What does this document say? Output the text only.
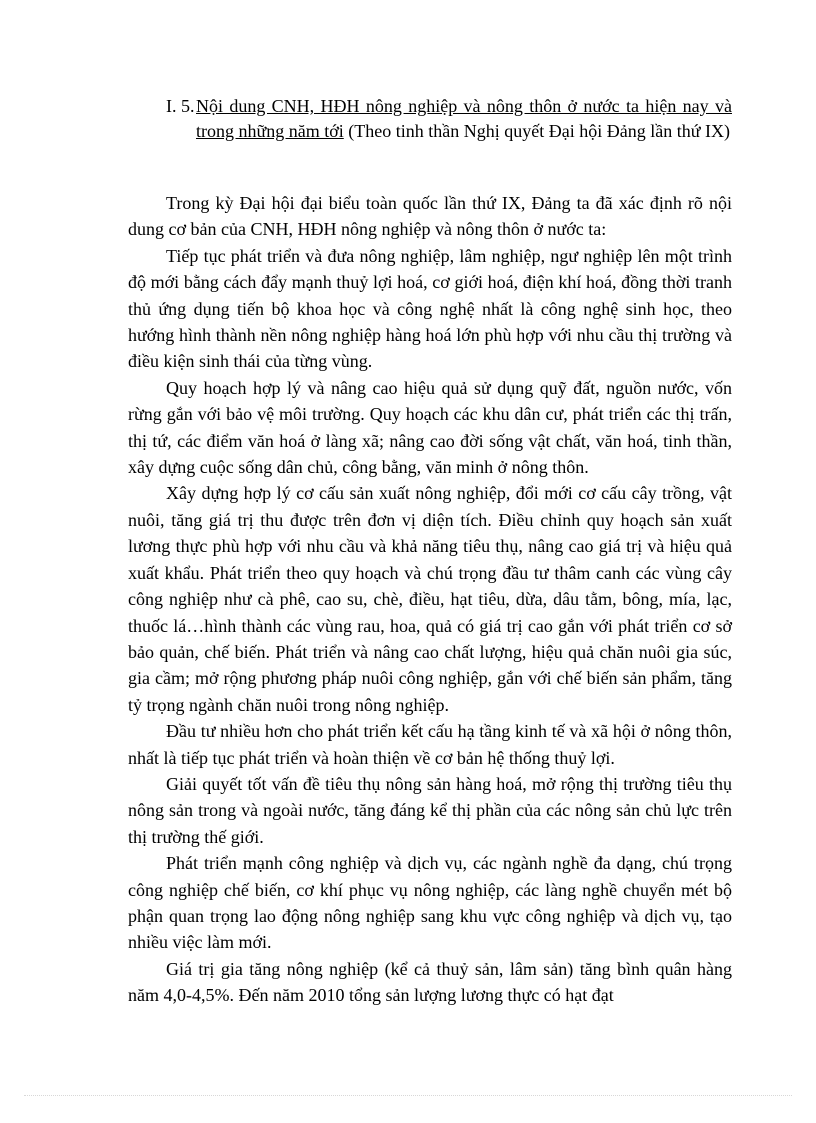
I. 5. Nội dung CNH, HĐH nông nghiệp và nông thôn ở nước ta hiện nay và trong những năm tới (Theo tinh thần Nghị quyết Đại hội Đảng lần thứ IX)

Trong kỳ Đại hội đại biểu toàn quốc lần thứ IX, Đảng ta đã xác định rõ nội dung cơ bản của CNH, HĐH nông nghiệp và nông thôn ở nước ta:

Tiếp tục phát triển và đưa nông nghiệp, lâm nghiệp, ngư nghiệp lên một trình độ mới bằng cách đẩy mạnh thuỷ lợi hoá, cơ giới hoá, điện khí hoá, đồng thời tranh thủ ứng dụng tiến bộ khoa học và công nghệ nhất là công nghệ sinh học, theo hướng hình thành nền nông nghiệp hàng hoá lớn phù hợp với nhu cầu thị trường và điều kiện sinh thái của từng vùng.

Quy hoạch hợp lý và nâng cao hiệu quả sử dụng quỹ đất, nguồn nước, vốn rừng gắn với bảo vệ môi trường. Quy hoạch các khu dân cư, phát triển các thị trấn, thị tứ, các điểm văn hoá ở làng xã; nâng cao đời sống vật chất, văn hoá, tinh thần, xây dựng cuộc sống dân chủ, công bằng, văn minh ở nông thôn.

Xây dựng hợp lý cơ cấu sản xuất nông nghiệp, đổi mới cơ cấu cây trồng, vật nuôi, tăng giá trị thu được trên đơn vị diện tích. Điều chỉnh quy hoạch sản xuất lương thực phù hợp với nhu cầu và khả năng tiêu thụ, nâng cao giá trị và hiệu quả xuất khẩu. Phát triển theo quy hoạch và chú trọng đầu tư thâm canh các vùng cây công nghiệp như cà phê, cao su, chè, điều, hạt tiêu, dừa, dâu tằm, bông, mía, lạc, thuốc lá…hình thành các vùng rau, hoa, quả có giá trị cao gắn với phát triển cơ sở bảo quản, chế biến. Phát triển và nâng cao chất lượng, hiệu quả chăn nuôi gia súc, gia cầm; mở rộng phương pháp nuôi công nghiệp, gắn với chế biến sản phẩm, tăng tỷ trọng ngành chăn nuôi trong nông nghiệp.

Đầu tư nhiều hơn cho phát triển kết cấu hạ tầng kinh tế và xã hội ở nông thôn, nhất là tiếp tục phát triển và hoàn thiện về cơ bản hệ thống thuỷ lợi.

Giải quyết tốt vấn đề tiêu thụ nông sản hàng hoá, mở rộng thị trường tiêu thụ nông sản trong và ngoài nước, tăng đáng kể thị phần của các nông sản chủ lực trên thị trường thế giới.

Phát triển mạnh công nghiệp và dịch vụ, các ngành nghề đa dạng, chú trọng công nghiệp chế biến, cơ khí phục vụ nông nghiệp, các làng nghề chuyển mét bộ phận quan trọng lao động nông nghiệp sang khu vực công nghiệp và dịch vụ, tạo nhiều việc làm mới.

Giá trị gia tăng nông nghiệp (kể cả thuỷ sản, lâm sản) tăng bình quân hàng năm 4,0-4,5%. Đến năm 2010 tổng sản lượng lương thực có hạt đạt
